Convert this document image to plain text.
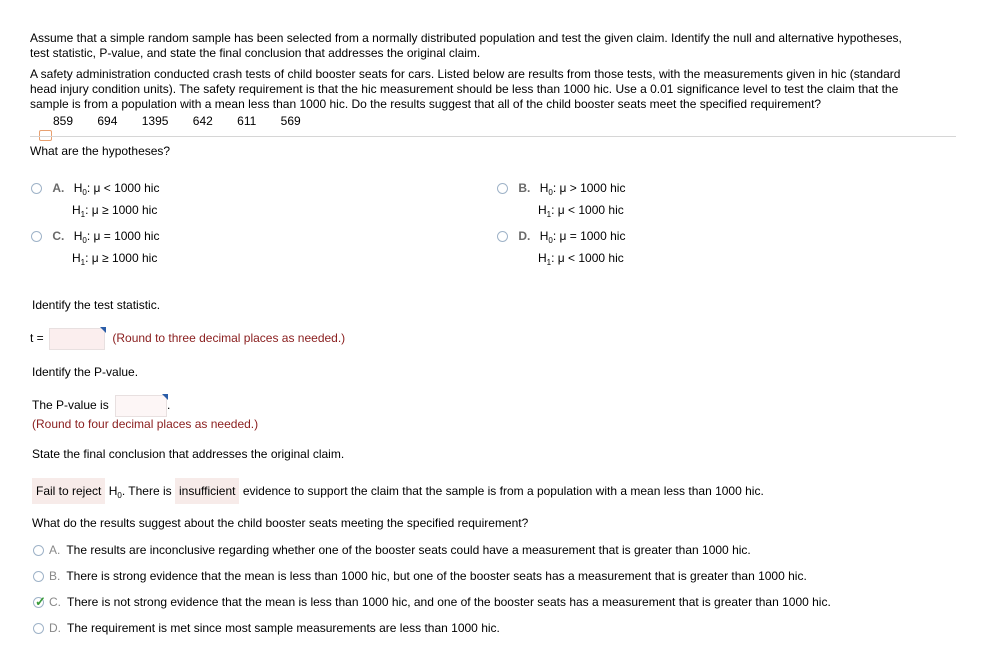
Assume that a simple random sample has been selected from a normally distributed population and test the given claim. Identify the null and alternative hypotheses,
test statistic, P-value, and state the final conclusion that addresses the original claim.
A safety administration conducted crash tests of child booster seats for cars. Listed below are results from those tests, with the measurements given in hic (standard
head injury condition units). The safety requirement is that the hic measurement should be less than 1000 hic. Use a 0.01 significance level to test the claim that the
sample is from a population with a mean less than 1000 hic. Do the results suggest that all of the child booster seats meet the specified requirement?
859 694 1395 642 611 569
What are the hypotheses?
A. $H_0$: μ < 1000 hic
$H_1$: μ ≥ 1000 hic
B. $H_0$: μ > 1000 hic
$H_1$: μ < 1000 hic
C. $H_0$: μ = 1000 hic
$H_1$: μ ≥ 1000 hic
D. $H_0$: μ = 1000 hic
$H_1$: μ < 1000 hic
Identify the test statistic.
t =	(Round to three decimal places as needed.)
Identify the P-value.
The P-value is	.
(Round to four decimal places as needed.)
State the final conclusion that addresses the original claim.
Fail to reject $H_0$. There is insufficient evidence to support the claim that the sample is from a population with a mean less than 1000 hic.
What do the results suggest about the child booster seats meeting the specified requirement?
A. The results are inconclusive regarding whether one of the booster seats could have a measurement that is greater than 1000 hic.
B. There is strong evidence that the mean is less than 1000 hic, but one of the booster seats has a measurement that is greater than 1000 hic.
✓ C. There is not strong evidence that the mean is less than 1000 hic, and one of the booster seats has a measurement that is greater than 1000 hic.
D. The requirement is met since most sample measurements are less than 1000 hic.
